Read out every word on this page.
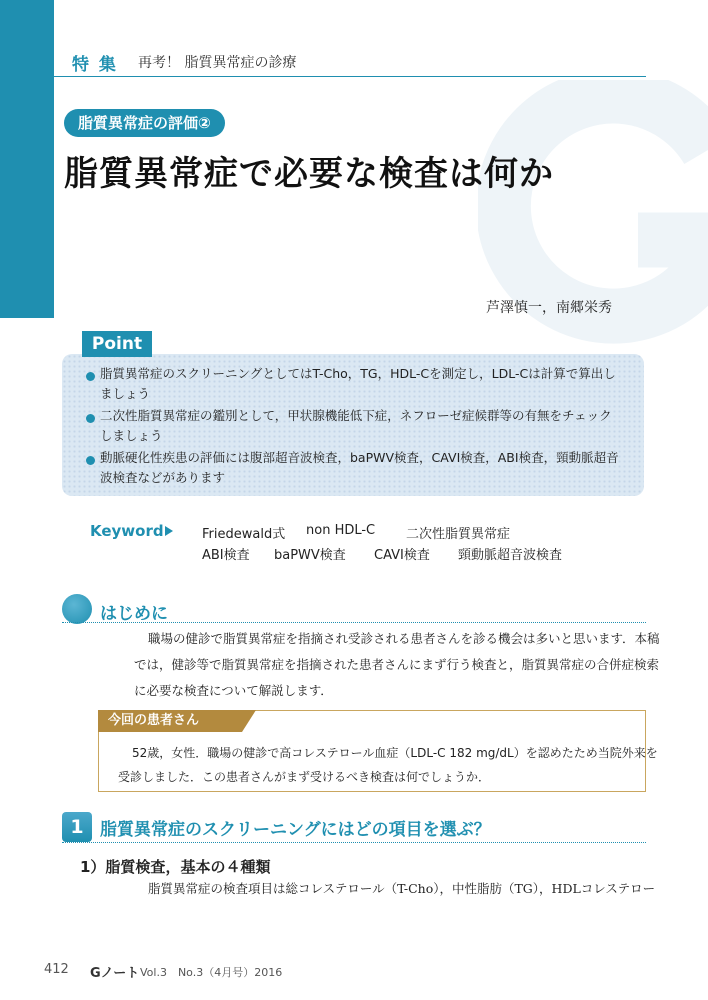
特 集 再考！ 脂質異常症の診療
脂質異常症の評価②
脂質異常症で必要な検査は何か
芦澤慎一，南郷栄秀
Point
脂質異常症のスクリーニングとしてはT-Cho，TG，HDL-Cを測定し，LDL-Cは計算で算出し
ましょう
二次性脂質異常症の鑑別として，甲状腺機能低下症，ネフローゼ症候群等の有無をチェック
しましょう
動脈硬化性疾患の評価には腹部超音波検査，baPWV検査，CAVI検査，ABI検査，頸動脈超音
波検査などがあります
Keyword	Friedewald式 non HDL-C 二次性脂質異常症
ABI検査 baPWV検査 CAVI検査 頸動脈超音波検査
はじめに
職場の健診で脂質異常症を指摘され受診される患者さんを診る機会は多いと思います．本稿
では，健診等で脂質異常症を指摘された患者さんにまず行う検査と，脂質異常症の合併症検索
に必要な検査について解説します．
今回の患者さん
52歳，女性．職場の健診で高コレステロール血症（LDL-C 182 mg/dL）を認めたため当院外来を
受診しました．この患者さんがまず受けるべき検査は何でしょうか．
1 脂質異常症のスクリーニングにはどの項目を選ぶ？
1）脂質検査，基本の４種類
脂質異常症の検査項目は総コレステロール（T-Cho），中性脂肪（TG），HDLコレステロー
412 Gノート Vol.3　No.3（4月号）2016
